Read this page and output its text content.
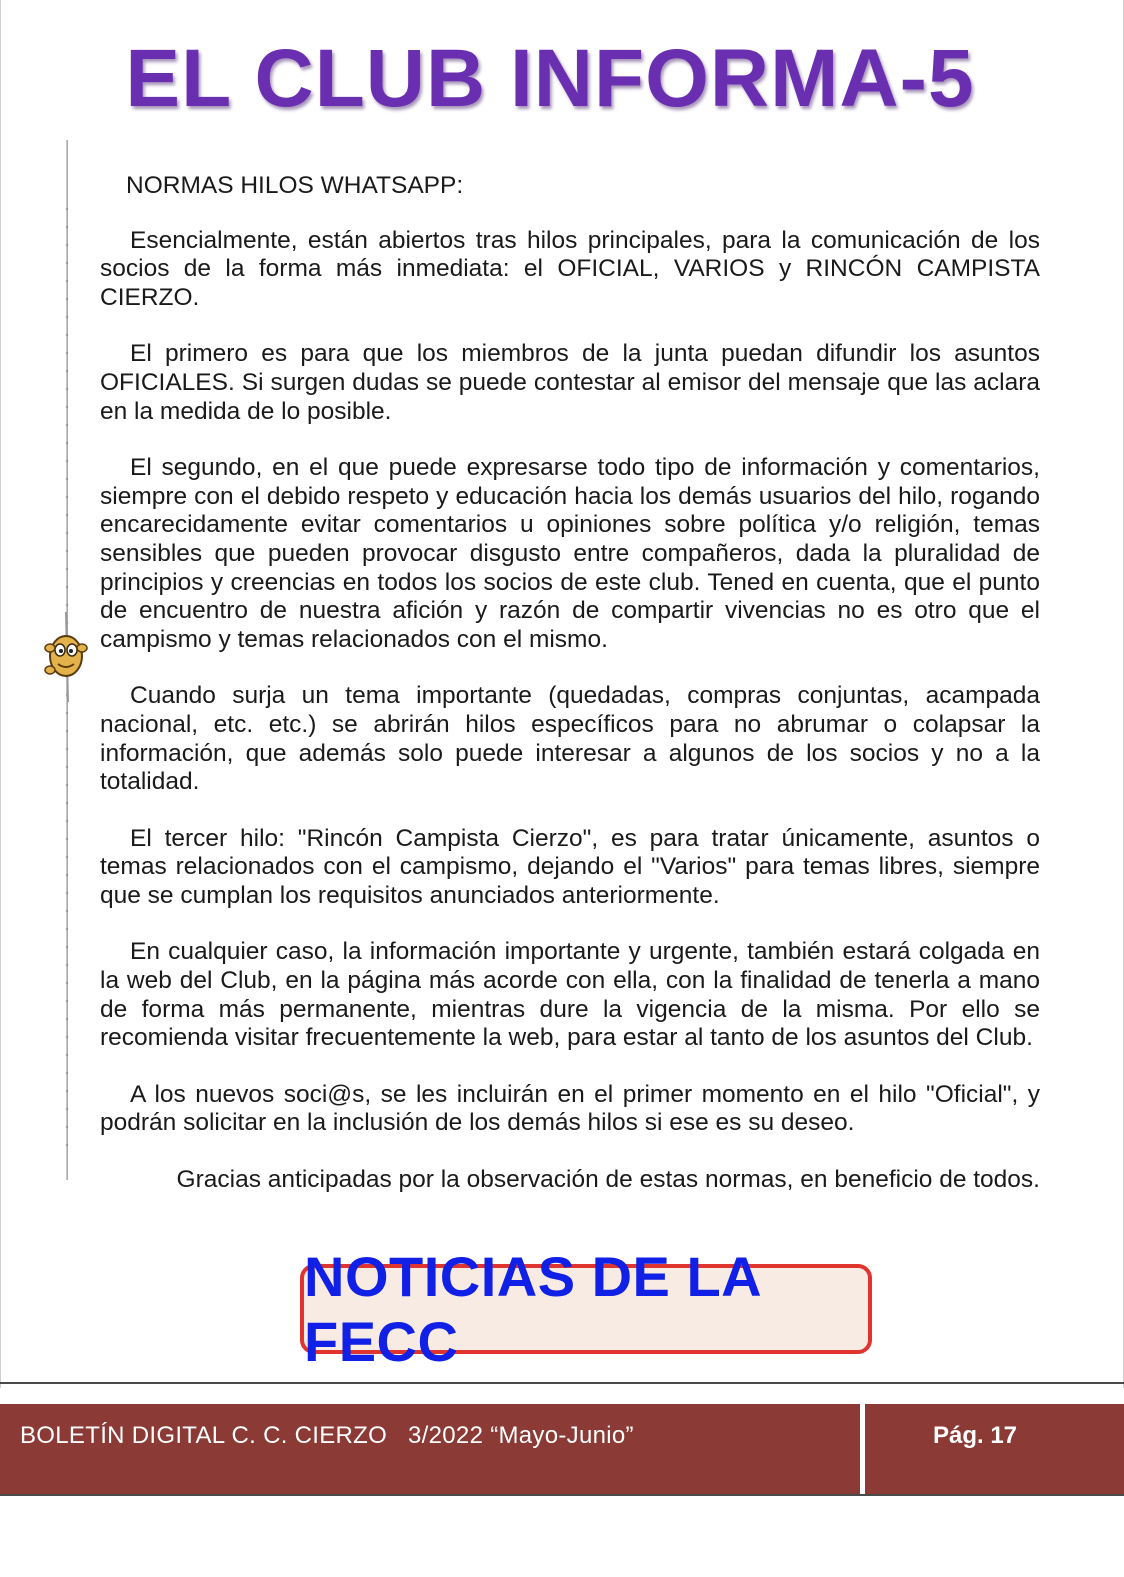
EL CLUB INFORMA-5

NORMAS HILOS WHATSAPP:

Esencialmente, están abiertos tras hilos principales, para la comunicación de los socios de la forma más inmediata: el OFICIAL, VARIOS y RINCÓN CAMPISTA CIERZO.

El primero es para que los miembros de la junta puedan difundir los asuntos OFICIALES. Si surgen dudas se puede contestar al emisor del mensaje que las aclara en la medida de lo posible.

El segundo, en el que puede expresarse todo tipo de información y comentarios, siempre con el debido respeto y educación hacia los demás usuarios del hilo, rogando encarecidamente evitar comentarios u opiniones sobre política y/o religión, temas sensibles que pueden provocar disgusto entre compañeros, dada la pluralidad de principios y creencias en todos los socios de este club. Tened en cuenta, que el punto de encuentro de nuestra afición y razón de compartir vivencias no es otro que el campismo y temas relacionados con el mismo.

Cuando surja un tema importante (quedadas, compras conjuntas, acampada nacional, etc. etc.) se abrirán hilos específicos para no abrumar o colapsar la información, que además solo puede interesar a algunos de los socios y no a la totalidad.

El tercer hilo: "Rincón Campista Cierzo", es para tratar únicamente, asuntos o temas relacionados con el campismo, dejando el "Varios" para temas libres, siempre que se cumplan los requisitos anunciados anteriormente.

En cualquier caso, la información importante y urgente, también estará colgada en la web del Club, en la página más acorde con ella, con la finalidad de tenerla a mano de forma más permanente, mientras dure la vigencia de la misma. Por ello se recomienda visitar frecuentemente la web, para estar al tanto de los asuntos del Club.

A los nuevos soci@s, se les incluirán en el primer momento en el hilo "Oficial", y podrán solicitar en la inclusión de los demás hilos si ese es su deseo.

Gracias anticipadas por la observación de estas normas, en beneficio de todos.

NOTICIAS DE LA FECC
BOLETÍN DIGITAL C. C. CIERZO   3/2022 “Mayo-Junio”	Pág. 17
